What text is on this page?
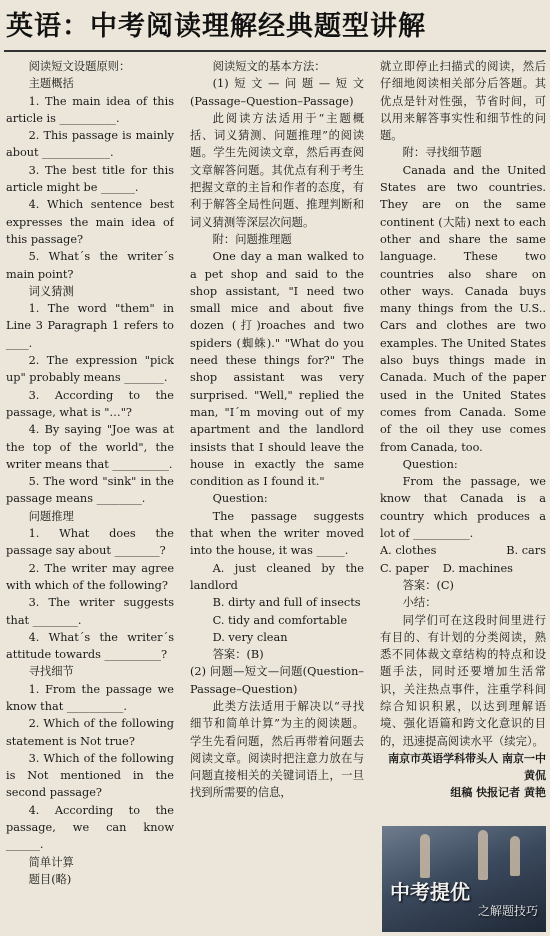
英语：中考阅读理解经典题型讲解

阅读短文设题原则：

主题概括

1. The main idea of this article is __________.

2. This passage is mainly about ____________.

3. The best title for this article might be ______.

4. Which sentence best expresses the main idea of this passage?

5. What´s the writer´s main point?

词义猜测

1. The word "them" in Line 3 Paragraph 1 refers to ____.

2. The expression "pick up" probably means _______.

3. According to the passage, what is "…"?

4. By saying "Joe was at the top of the world", the writer means that __________.

5. The word "sink" in the passage means ________.

问题推理

1. What does the passage say about ________?

2. The writer may agree with which of the following?

3. The writer suggests that ________.

4. What´s the writer´s attitude towards __________?

寻找细节

1. From the passage we know that __________.

2. Which of the following statement is Not true?

3. Which of the following is Not mentioned in the second passage?

4. According to the passage, we can know ______.

简单计算

题目(略)

阅读短文的基本方法：

(1)短文—问题—短文(Passage–Question–Passage)

此阅读方法适用于“主题概括、词义猜测、问题推理”的阅读题。学生先阅读文章，然后再查阅文章解答问题。其优点有利于考生把握文章的主旨和作者的态度，有利于解答全局性问题、推理判断和词义猜测等深层次问题。

附：问题推理题

One day a man walked to a pet shop and said to the shop assistant, "I need two small mice and about five dozen (打)roaches and two spiders (蜘蛛)." "What do you need these things for?" The shop assistant was very surprised. "Well," replied the man, "I´m moving out of my apartment and the landlord insists that I should leave the house in exactly the same condition as I found it."

Question:

The passage suggests that when the writer moved into the house, it was _____.

A. just cleaned by the landlord

B. dirty and full of insects

C. tidy and comfortable

D. very clean

答案：(B)

(2) 问题—短文—问题(Question–Passage–Question)

此类方法适用于解决以“寻找细节和简单计算”为主的阅读题。学生先看问题，然后再带着问题去阅读文章。阅读时把注意力放在与问题直接相关的关键词语上，一旦找到所需要的信息，

就立即停止扫描式的阅读，然后仔细地阅读相关部分后答题。其优点是针对性强，节省时间，可以用来解答事实性和细节性的问题。

附：寻找细节题

Canada and the United States are two countries. They are on the same continent (大陆) next to each other and share the same language. These two countries also share on other ways. Canada buys many things from the U.S.. Cars and clothes are two examples. The United States also buys things made in Canada. Much of the paper used in the United States comes from Canada. Some of the oil they use comes from Canada, too.

Question:

From the passage, we know that Canada is a country which produces a lot of __________.

A. clothes	B. cars

C. paper D. machines

答案：(C)

小结：

同学们可在这段时间里进行有目的、有计划的分类阅读，熟悉不同体裁文章结构的特点和设题手法，同时还要增加生活常识，关注热点事件，注重学科间综合知识积累，以达到理解语境、强化语篇和跨文化意识的目的，迅速提高阅读水平（续完）。

南京市英语学科带头人 南京一中黄侃

组稿 快报记者 黄艳

中考提优
之解题技巧
